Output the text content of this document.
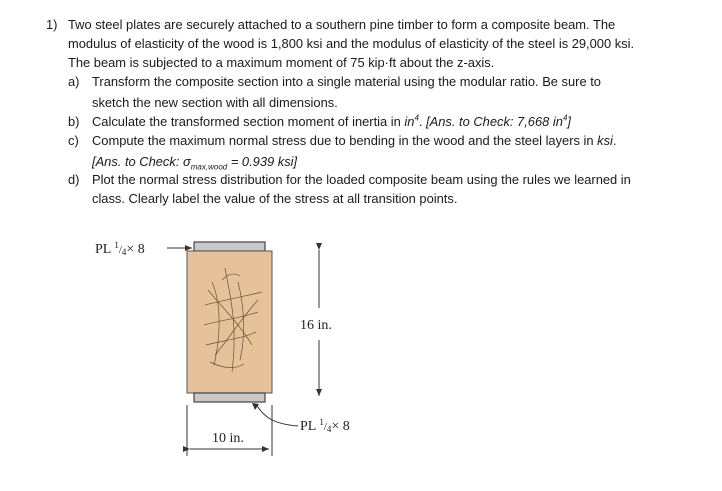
1) Two steel plates are securely attached to a southern pine timber to form a composite beam. The
modulus of elasticity of the wood is 1,800 ksi and the modulus of elasticity of the steel is 29,000 ksi.
The beam is subjected to a maximum moment of 75 kip·ft about the z-axis.
a) Transform the composite section into a single material using the modular ratio. Be sure to
sketch the new section with all dimensions.
b) Calculate the transformed section moment of inertia in $in^4$. [Ans. to Check: 7,668 $in^4$]
c) Compute the maximum normal stress due to bending in the wood and the steel layers in ksi.
[Ans. to Check: $\sigma_{max,wood} = 0.939$ ksi]
d) Plot the normal stress distribution for the loaded composite beam using the rules we learned in
class. Clearly label the value of the stress at all transition points.
PL $^1_/$4× 8
16 in.
PL $^1_/$4× 8
10 in.
